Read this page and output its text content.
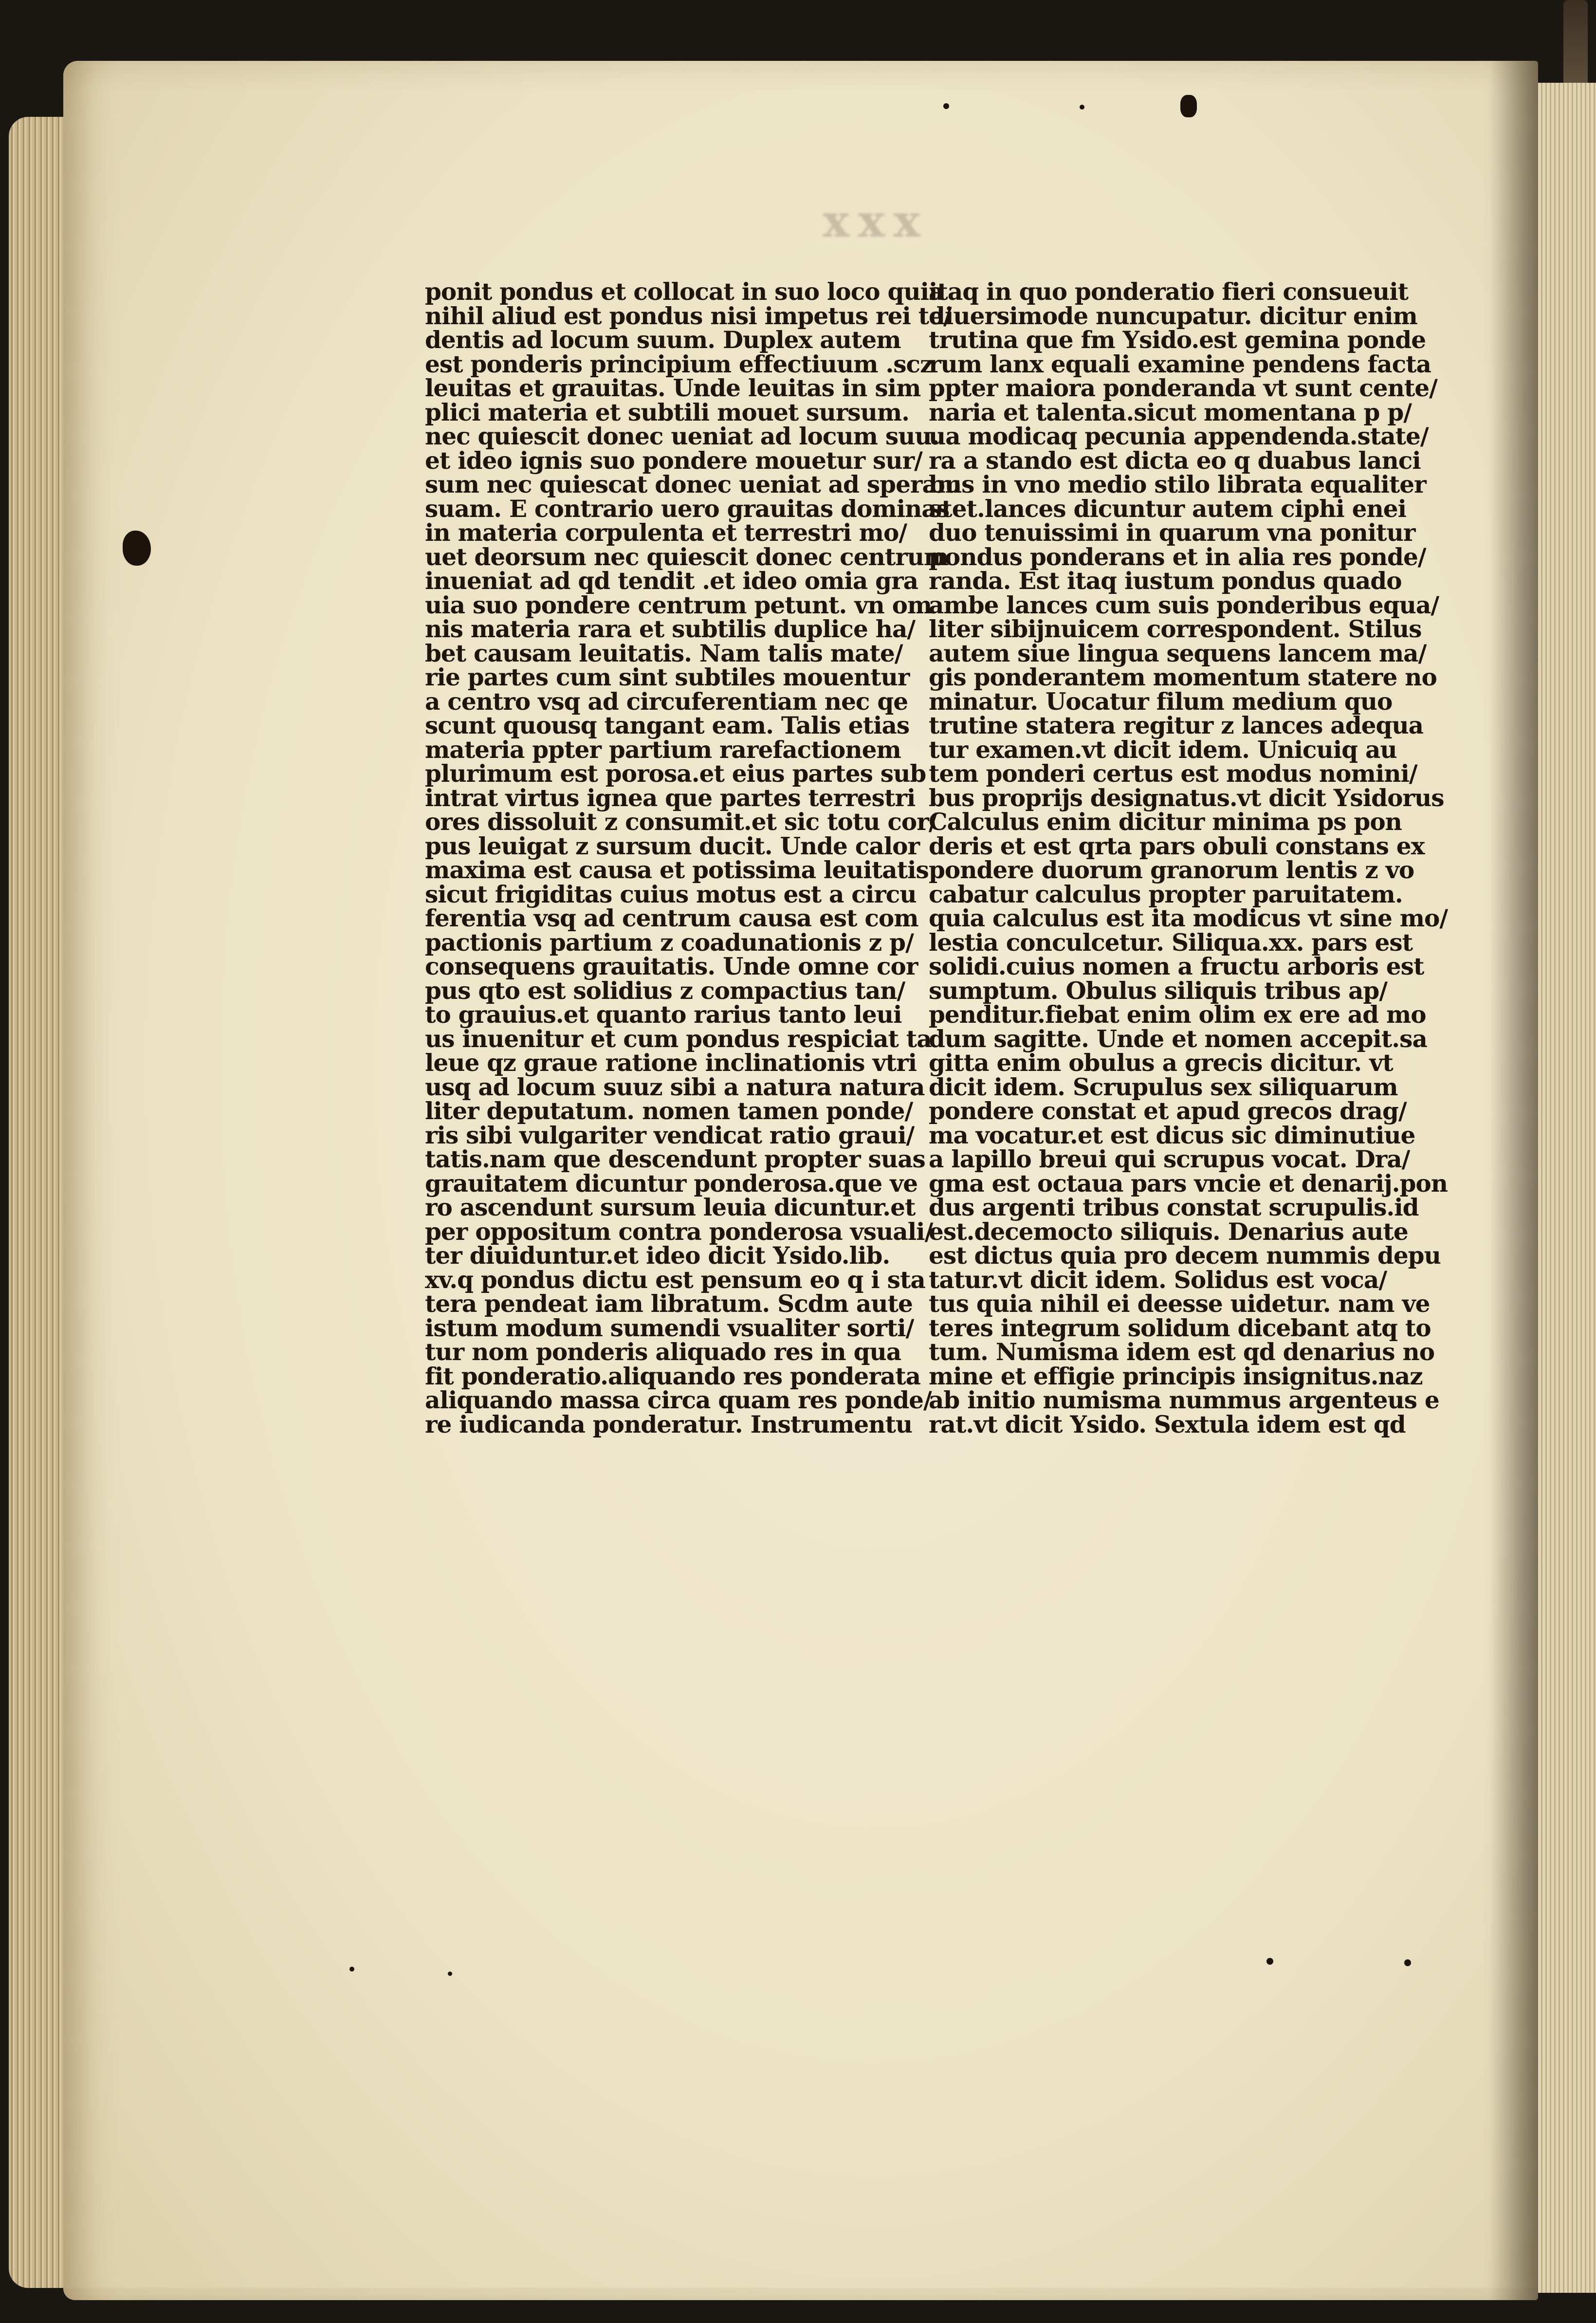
xxx
ponit pondus et collocat in suo loco quia
nihil aliud est pondus nisi impetus rei te/
dentis ad locum suum. Duplex autem
est ponderis principium effectiuum .scz
leuitas et grauitas. Unde leuitas in sim
plici materia et subtili mouet sursum.
nec quiescit donec ueniat ad locum suu.
et ideo ignis suo pondere mouetur sur/
sum nec quiescat donec ueniat ad speram
suam. E contrario uero grauitas dominas
in materia corpulenta et terrestri mo/
uet deorsum nec quiescit donec centrum
inueniat ad qd tendit .et ideo omia gra
uia suo pondere centrum petunt. vn om
nis materia rara et subtilis duplice ha/
bet causam leuitatis. Nam talis mate/
rie partes cum sint subtiles mouentur
a centro vsq ad circuferentiam nec qe
scunt quousq tangant eam. Talis etias
materia ppter partium rarefactionem
plurimum est porosa.et eius partes sub
intrat virtus ignea que partes terrestri
ores dissoluit z consumit.et sic totu cor/
pus leuigat z sursum ducit. Unde calor
maxima est causa et potissima leuitatis
sicut frigiditas cuius motus est a circu
ferentia vsq ad centrum causa est com
pactionis partium z coadunationis z p/
consequens grauitatis. Unde omne cor
pus qto est solidius z compactius tan/
to grauius.et quanto rarius tanto leui
us inuenitur et cum pondus respiciat ta
leue qz graue ratione inclinationis vtri
usq ad locum suuz sibi a natura natura
liter deputatum. nomen tamen ponde/
ris sibi vulgariter vendicat ratio graui/
tatis.nam que descendunt propter suas
grauitatem dicuntur ponderosa.que ve
ro ascendunt sursum leuia dicuntur.et
per oppositum contra ponderosa vsuali/
ter diuiduntur.et ideo dicit Ysido.lib.
xv.q pondus dictu est pensum eo q i sta
tera pendeat iam libratum. Scdm aute
istum modum sumendi vsualiter sorti/
tur nom ponderis aliquado res in qua
fit ponderatio.aliquando res ponderata
aliquando massa circa quam res ponde/
re iudicanda ponderatur. Instrumentu
itaq in quo ponderatio fieri consueuit
diuersimode nuncupatur. dicitur enim
trutina que fm Ysido.est gemina ponde
rum lanx equali examine pendens facta
ppter maiora ponderanda vt sunt cente/
naria et talenta.sicut momentana p p/
ua modicaq pecunia appendenda.state/
ra a stando est dicta eo q duabus lanci
bus in vno medio stilo librata equaliter
stet.lances dicuntur autem ciphi enei
duo tenuissimi in quarum vna ponitur
pondus ponderans et in alia res ponde/
randa. Est itaq iustum pondus quado
ambe lances cum suis ponderibus equa/
liter sibijnuicem correspondent. Stilus
autem siue lingua sequens lancem ma/
gis ponderantem momentum statere no
minatur. Uocatur filum medium quo
trutine statera regitur z lances adequa
tur examen.vt dicit idem. Unicuiq au
tem ponderi certus est modus nomini/
bus proprijs designatus.vt dicit Ysidorus
Calculus enim dicitur minima ps pon
deris et est qrta pars obuli constans ex
pondere duorum granorum lentis z vo
cabatur calculus propter paruitatem.
quia calculus est ita modicus vt sine mo/
lestia conculcetur. Siliqua.xx. pars est
solidi.cuius nomen a fructu arboris est
sumptum. Obulus siliquis tribus ap/
penditur.fiebat enim olim ex ere ad mo
dum sagitte. Unde et nomen accepit.sa
gitta enim obulus a grecis dicitur. vt
dicit idem. Scrupulus sex siliquarum
pondere constat et apud grecos drag/
ma vocatur.et est dicus sic diminutiue
a lapillo breui qui scrupus vocat. Dra/
gma est octaua pars vncie et denarij.pon
dus argenti tribus constat scrupulis.id
est.decemocto siliquis. Denarius aute
est dictus quia pro decem nummis depu
tatur.vt dicit idem. Solidus est voca/
tus quia nihil ei deesse uidetur. nam ve
teres integrum solidum dicebant atq to
tum. Numisma idem est qd denarius no
mine et effigie principis insignitus.naz
ab initio numisma nummus argenteus e
rat.vt dicit Ysido. Sextula idem est qd
